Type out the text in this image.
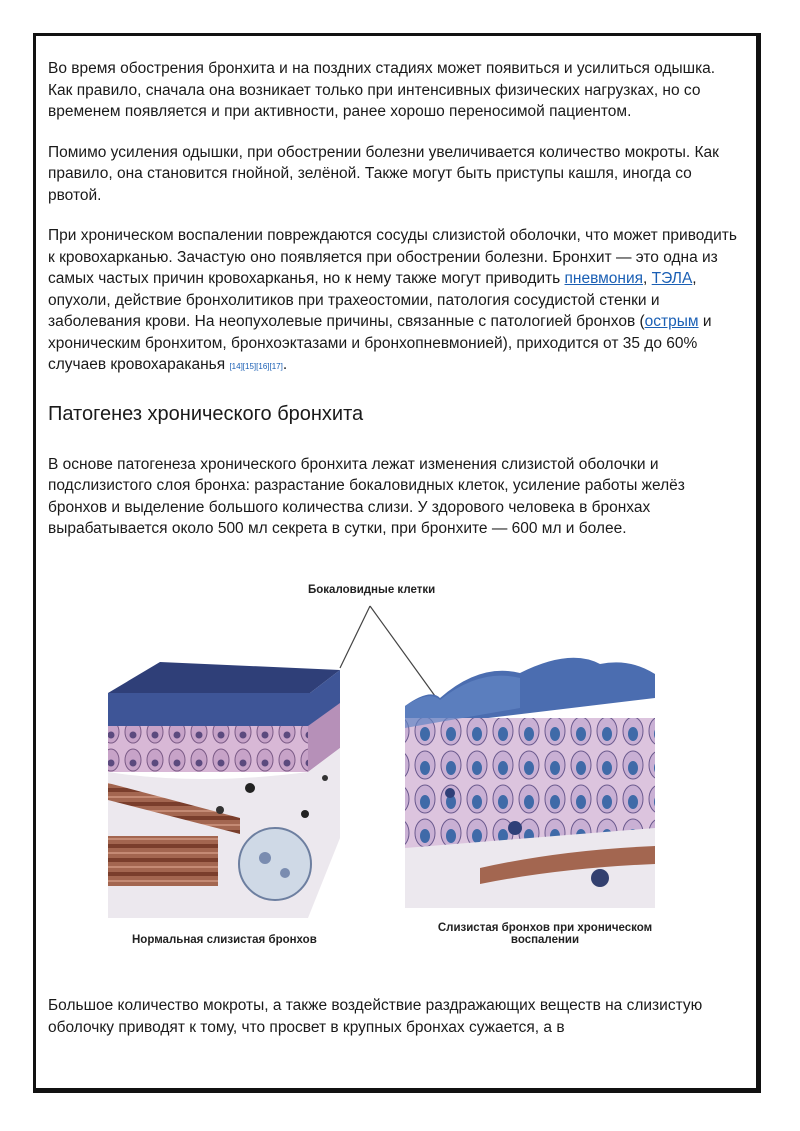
Во время обострения бронхита и на поздних стадиях может появиться и усилиться одышка. Как правило, сначала она возникает только при интенсивных физических нагрузках, но со временем появляется и при активности, ранее хорошо переносимой пациентом.

Помимо усиления одышки, при обострении болезни увеличивается количество мокроты. Как правило, она становится гнойной, зелёной. Также могут быть приступы кашля, иногда со рвотой.

При хроническом воспалении повреждаются сосуды слизистой оболочки, что может приводить к кровохарканью. Зачастую оно появляется при обострении болезни. Бронхит — это одна из самых частых причин кровохарканья, но к нему также могут приводить пневмония, ТЭЛА, опухоли, действие бронхолитиков при трахеостомии, патология сосудистой стенки и заболевания крови. На неопухолевые причины, связанные с патологией бронхов (острым и хроническим бронхитом, бронхоэктазами и бронхопневмонией), приходится от 35 до 60% случаев кровохараканья [14][15][16][17].

Патогенез хронического бронхита

В основе патогенеза хронического бронхита лежат изменения слизистой оболочки и подслизистого слоя бронха: разрастание бокаловидных клеток, усиление работы желёз бронхов и выделение большого количества слизи. У здорового человека в бронхах вырабатывается около 500 мл секрета в сутки, при бронхите — 600 мл и более.

Бокаловидные клетки
Нормальная слизистая бронхов
Слизистая бронхов при хроническом воспалении
Большое количество мокроты, а также воздействие раздражающих веществ на слизистую оболочку приводят к тому, что просвет в крупных бронхах сужается, а в
